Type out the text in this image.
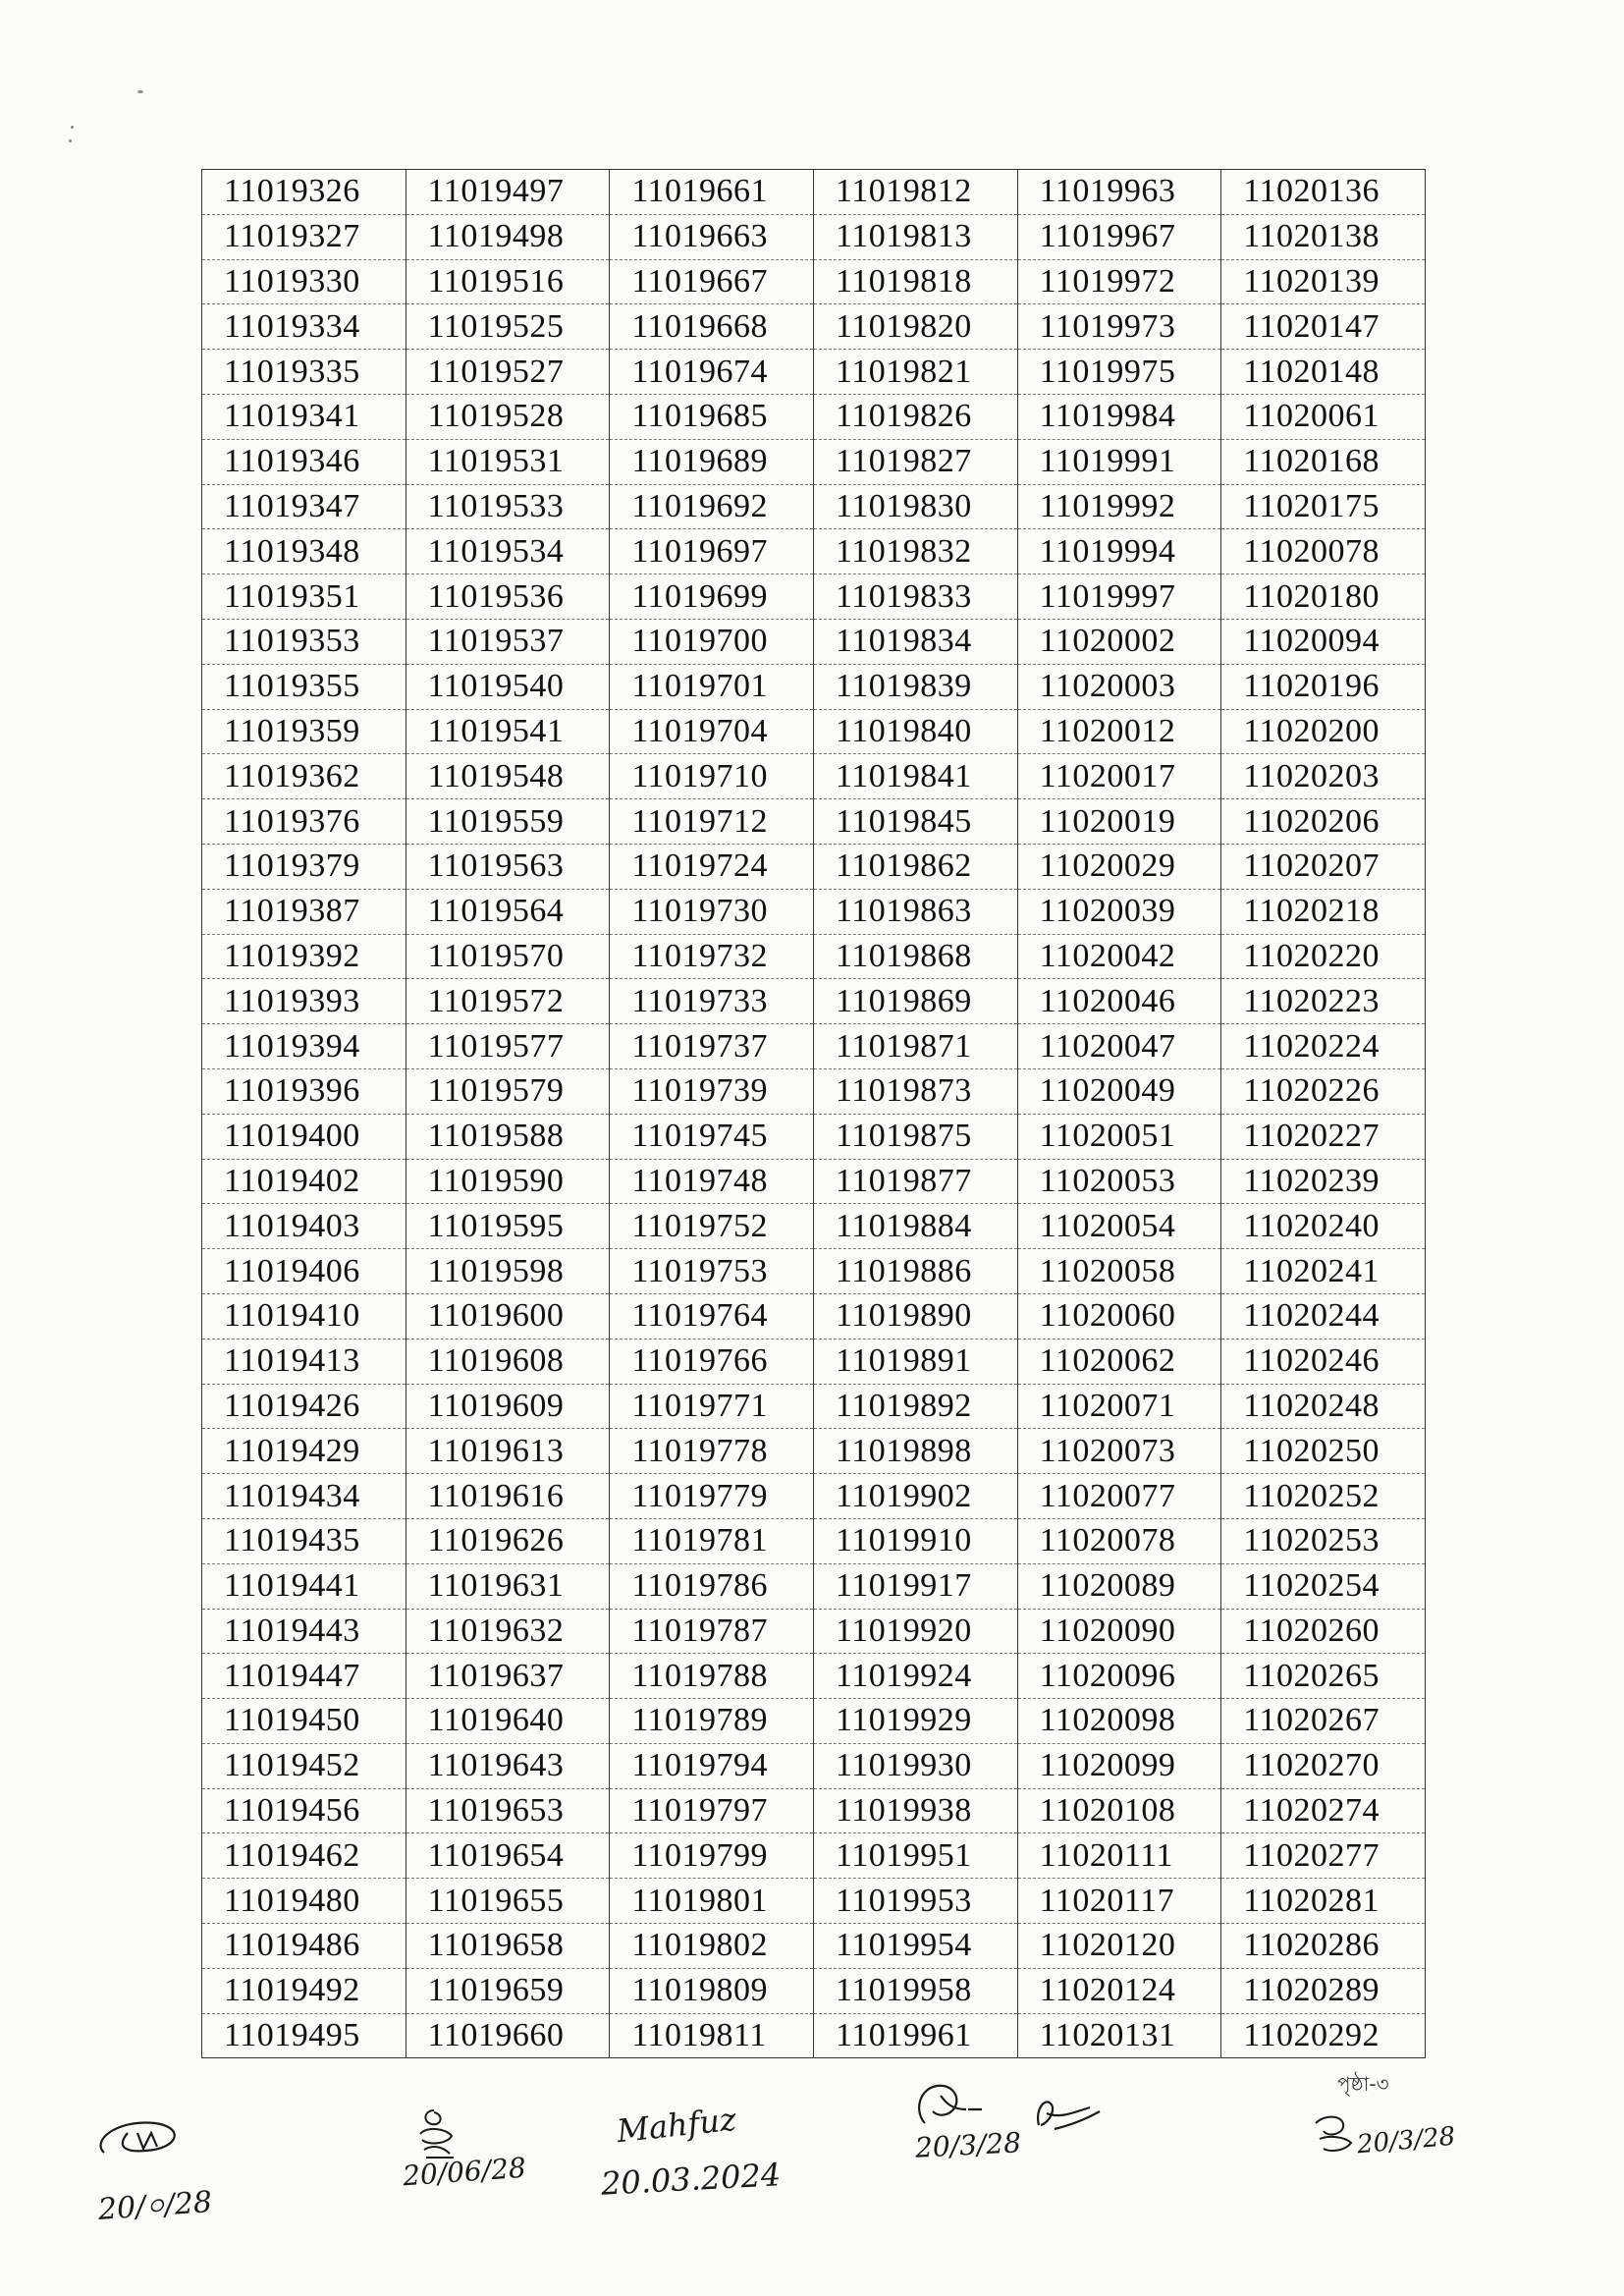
11019326	11019497	11019661	11019812	11019963	11020136
11019327	11019498	11019663	11019813	11019967	11020138
11019330	11019516	11019667	11019818	11019972	11020139
11019334	11019525	11019668	11019820	11019973	11020147
11019335	11019527	11019674	11019821	11019975	11020148
11019341	11019528	11019685	11019826	11019984	11020061
11019346	11019531	11019689	11019827	11019991	11020168
11019347	11019533	11019692	11019830	11019992	11020175
11019348	11019534	11019697	11019832	11019994	11020078
11019351	11019536	11019699	11019833	11019997	11020180
11019353	11019537	11019700	11019834	11020002	11020094
11019355	11019540	11019701	11019839	11020003	11020196
11019359	11019541	11019704	11019840	11020012	11020200
11019362	11019548	11019710	11019841	11020017	11020203
11019376	11019559	11019712	11019845	11020019	11020206
11019379	11019563	11019724	11019862	11020029	11020207
11019387	11019564	11019730	11019863	11020039	11020218
11019392	11019570	11019732	11019868	11020042	11020220
11019393	11019572	11019733	11019869	11020046	11020223
11019394	11019577	11019737	11019871	11020047	11020224
11019396	11019579	11019739	11019873	11020049	11020226
11019400	11019588	11019745	11019875	11020051	11020227
11019402	11019590	11019748	11019877	11020053	11020239
11019403	11019595	11019752	11019884	11020054	11020240
11019406	11019598	11019753	11019886	11020058	11020241
11019410	11019600	11019764	11019890	11020060	11020244
11019413	11019608	11019766	11019891	11020062	11020246
11019426	11019609	11019771	11019892	11020071	11020248
11019429	11019613	11019778	11019898	11020073	11020250
11019434	11019616	11019779	11019902	11020077	11020252
11019435	11019626	11019781	11019910	11020078	11020253
11019441	11019631	11019786	11019917	11020089	11020254
11019443	11019632	11019787	11019920	11020090	11020260
11019447	11019637	11019788	11019924	11020096	11020265
11019450	11019640	11019789	11019929	11020098	11020267
11019452	11019643	11019794	11019930	11020099	11020270
11019456	11019653	11019797	11019938	11020108	11020274
11019462	11019654	11019799	11019951	11020111	11020277
11019480	11019655	11019801	11019953	11020117	11020281
11019486	11019658	11019802	11019954	11020120	11020286
11019492	11019659	11019809	11019958	11020124	11020289
11019495	11019660	11019811	11019961	11020131	11020292
পৃষ্ঠা-৩
20/০/28
20/06/28
Mahfuz
20.03.2024
20/3/28	20/3/28
